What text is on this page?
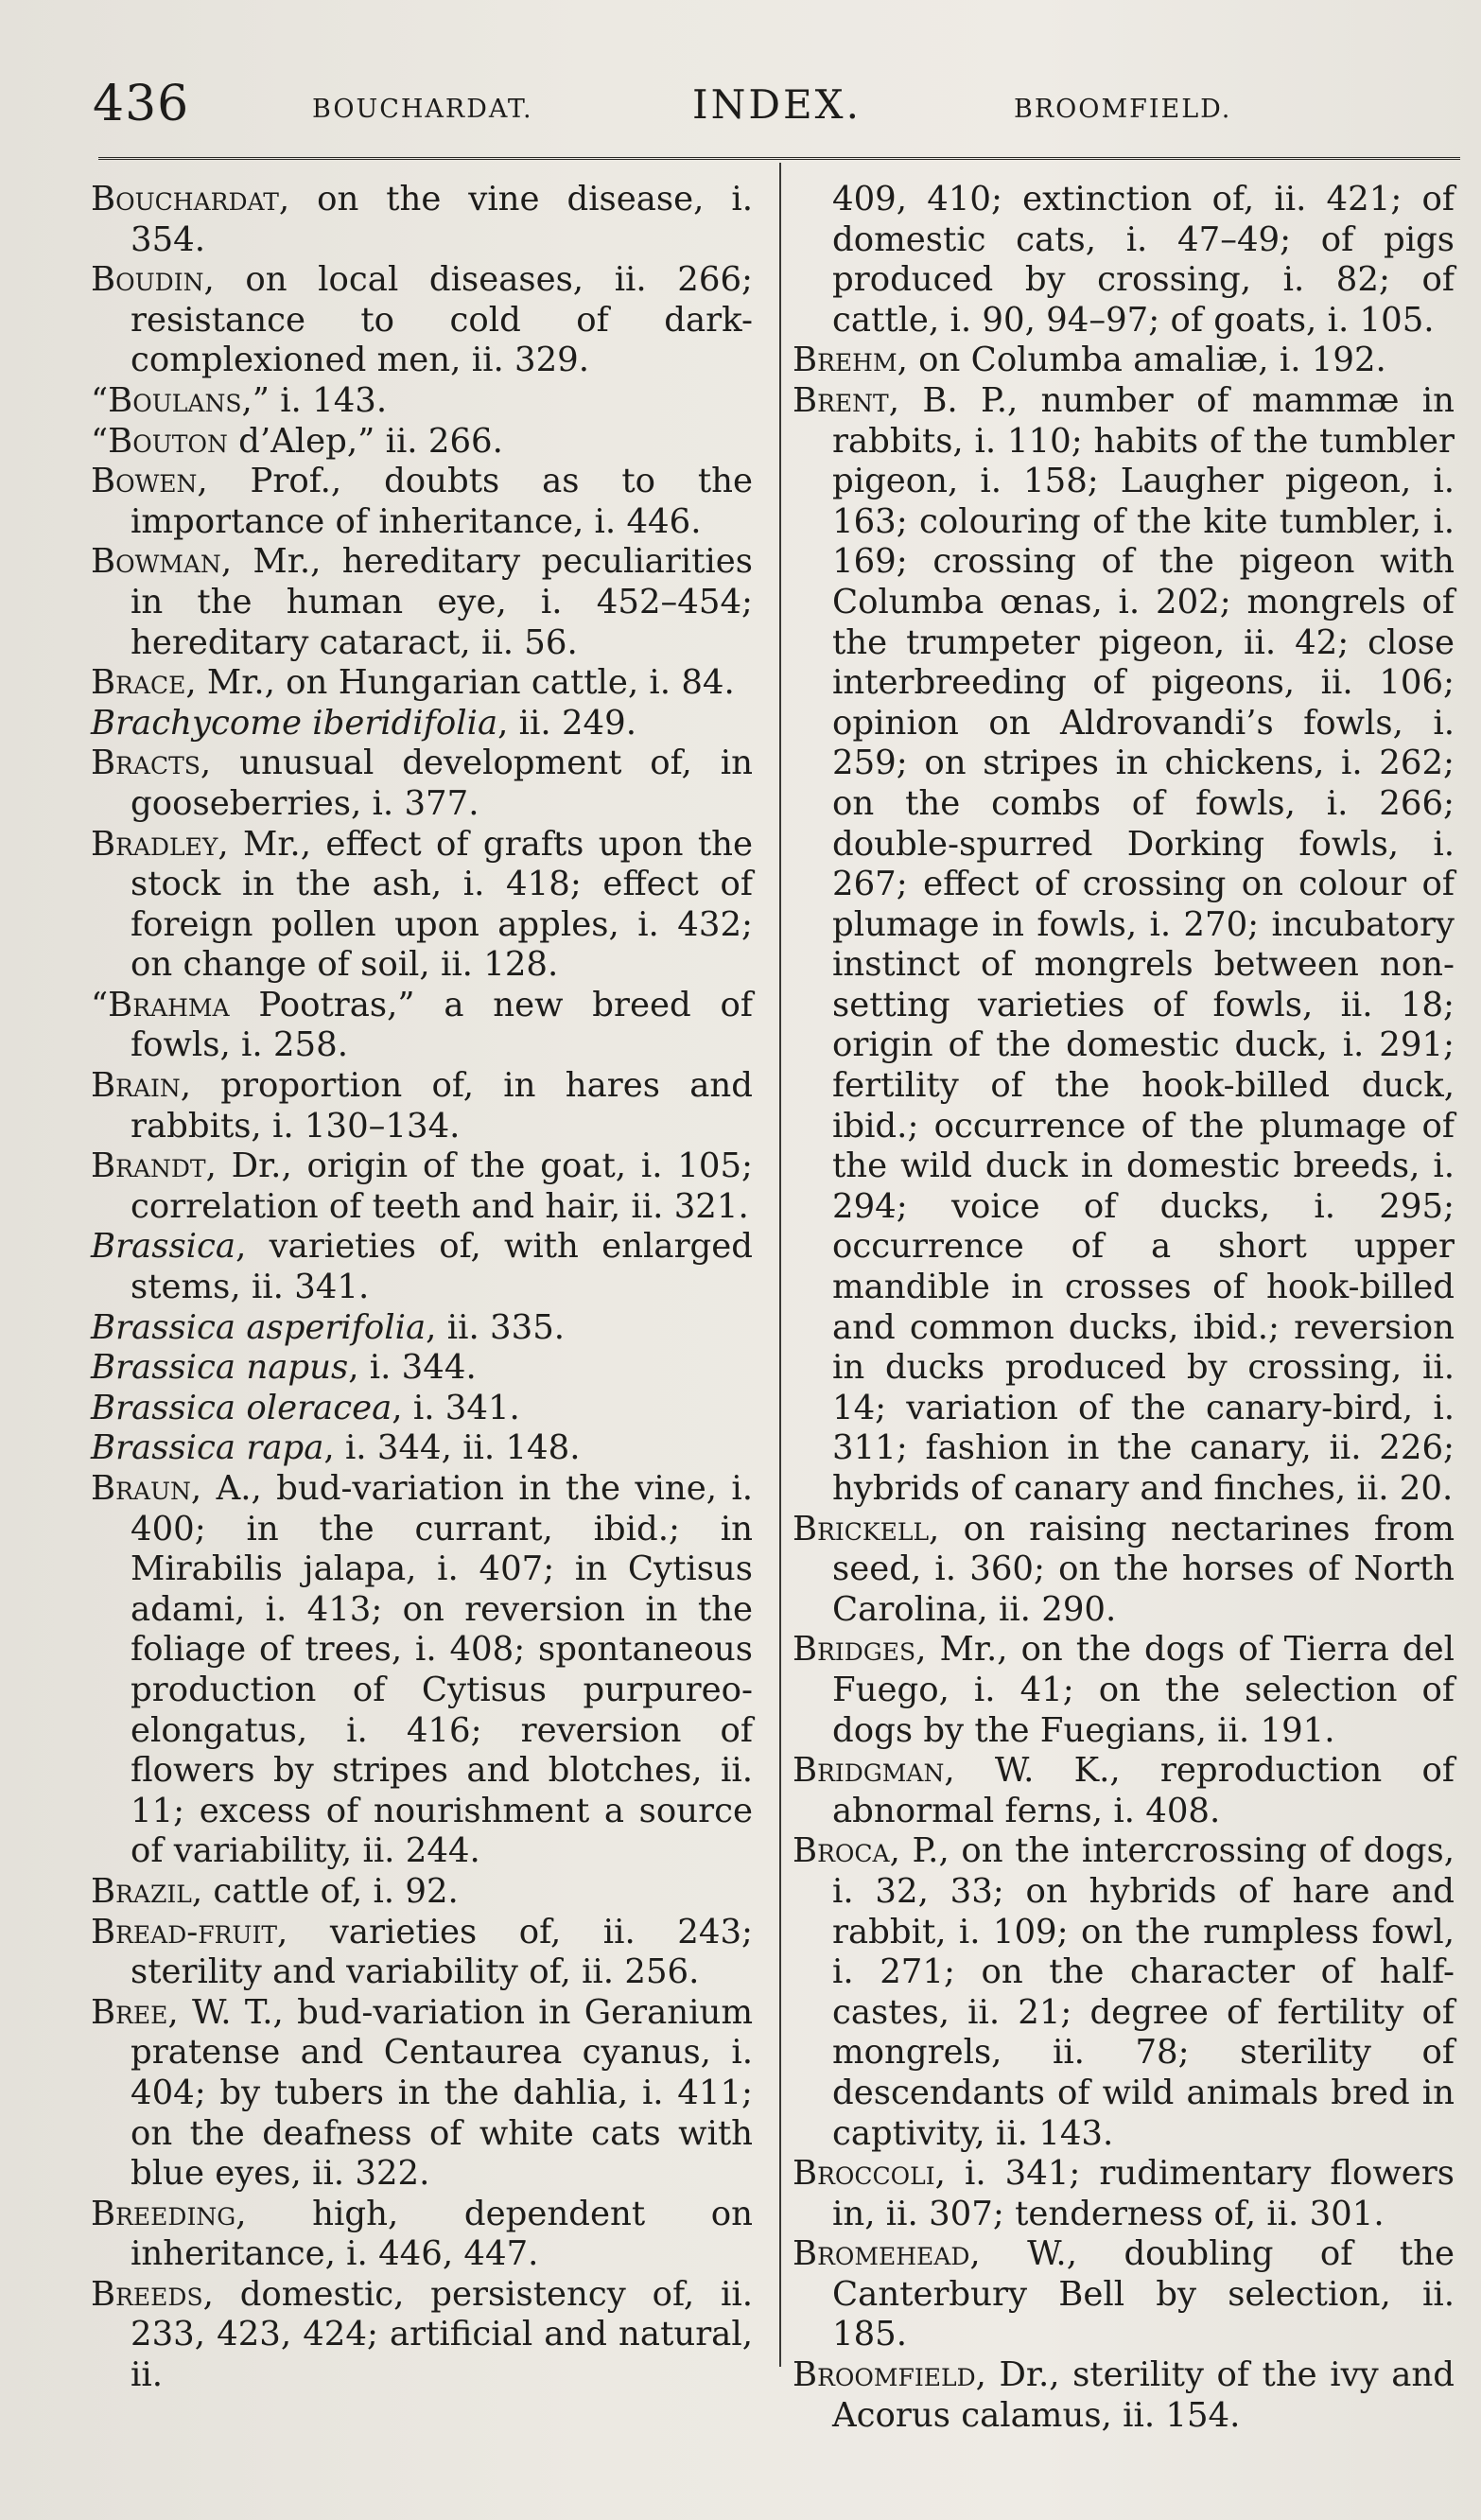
436	BOUCHARDAT.	INDEX.	BROOMFIELD.

Bouchardat, on the vine disease, i. 354.

Boudin, on local diseases, ii. 266; resistance to cold of dark-complexioned men, ii. 329.

“Boulans,” i. 143.

“Bouton d’Alep,” ii. 266.

Bowen, Prof., doubts as to the importance of inheritance, i. 446.

Bowman, Mr., hereditary peculiarities in the human eye, i. 452–454; hereditary cataract, ii. 56.

Brace, Mr., on Hungarian cattle, i. 84.

Brachycome iberidifolia, ii. 249.

Bracts, unusual development of, in gooseberries, i. 377.

Bradley, Mr., effect of grafts upon the stock in the ash, i. 418; effect of foreign pollen upon apples, i. 432; on change of soil, ii. 128.

“Brahma Pootras,” a new breed of fowls, i. 258.

Brain, proportion of, in hares and rabbits, i. 130–134.

Brandt, Dr., origin of the goat, i. 105; correlation of teeth and hair, ii. 321.

Brassica, varieties of, with enlarged stems, ii. 341.

Brassica asperifolia, ii. 335.

Brassica napus, i. 344.

Brassica oleracea, i. 341.

Brassica rapa, i. 344, ii. 148.

Braun, A., bud-variation in the vine, i. 400; in the currant, ibid.; in Mirabilis jalapa, i. 407; in Cytisus adami, i. 413; on reversion in the foliage of trees, i. 408; spontaneous production of Cytisus purpureo-elongatus, i. 416; reversion of flowers by stripes and blotches, ii. 11; excess of nourishment a source of variability, ii. 244.

Brazil, cattle of, i. 92.

Bread-fruit, varieties of, ii. 243; sterility and variability of, ii. 256.

Bree, W. T., bud-variation in Geranium pratense and Centaurea cyanus, i. 404; by tubers in the dahlia, i. 411; on the deafness of white cats with blue eyes, ii. 322.

Breeding, high, dependent on inheritance, i. 446, 447.

Breeds, domestic, persistency of, ii. 233, 423, 424; artificial and natural, ii.

409, 410; extinction of, ii. 421; of domestic cats, i. 47–49; of pigs produced by crossing, i. 82; of cattle, i. 90, 94–97; of goats, i. 105.

Brehm, on Columba amaliæ, i. 192.

Brent, B. P., number of mammæ in rabbits, i. 110; habits of the tumbler pigeon, i. 158; Laugher pigeon, i. 163; colouring of the kite tumbler, i. 169; crossing of the pigeon with Columba œnas, i. 202; mongrels of the trumpeter pigeon, ii. 42; close interbreeding of pigeons, ii. 106; opinion on Aldrovandi’s fowls, i. 259; on stripes in chickens, i. 262; on the combs of fowls, i. 266; double-spurred Dorking fowls, i. 267; effect of crossing on colour of plumage in fowls, i. 270; incubatory instinct of mongrels between non-setting varieties of fowls, ii. 18; origin of the domestic duck, i. 291; fertility of the hook-billed duck, ibid.; occurrence of the plumage of the wild duck in domestic breeds, i. 294; voice of ducks, i. 295; occurrence of a short upper mandible in crosses of hook-billed and common ducks, ibid.; reversion in ducks produced by crossing, ii. 14; variation of the canary-bird, i. 311; fashion in the canary, ii. 226; hybrids of canary and finches, ii. 20.

Brickell, on raising nectarines from seed, i. 360; on the horses of North Carolina, ii. 290.

Bridges, Mr., on the dogs of Tierra del Fuego, i. 41; on the selection of dogs by the Fuegians, ii. 191.

Bridgman, W. K., reproduction of abnormal ferns, i. 408.

Broca, P., on the intercrossing of dogs, i. 32, 33; on hybrids of hare and rabbit, i. 109; on the rumpless fowl, i. 271; on the character of half-castes, ii. 21; degree of fertility of mongrels, ii. 78; sterility of descendants of wild animals bred in captivity, ii. 143.

Broccoli, i. 341; rudimentary flowers in, ii. 307; tenderness of, ii. 301.

Bromehead, W., doubling of the Canterbury Bell by selection, ii. 185.

Broomfield, Dr., sterility of the ivy and Acorus calamus, ii. 154.
